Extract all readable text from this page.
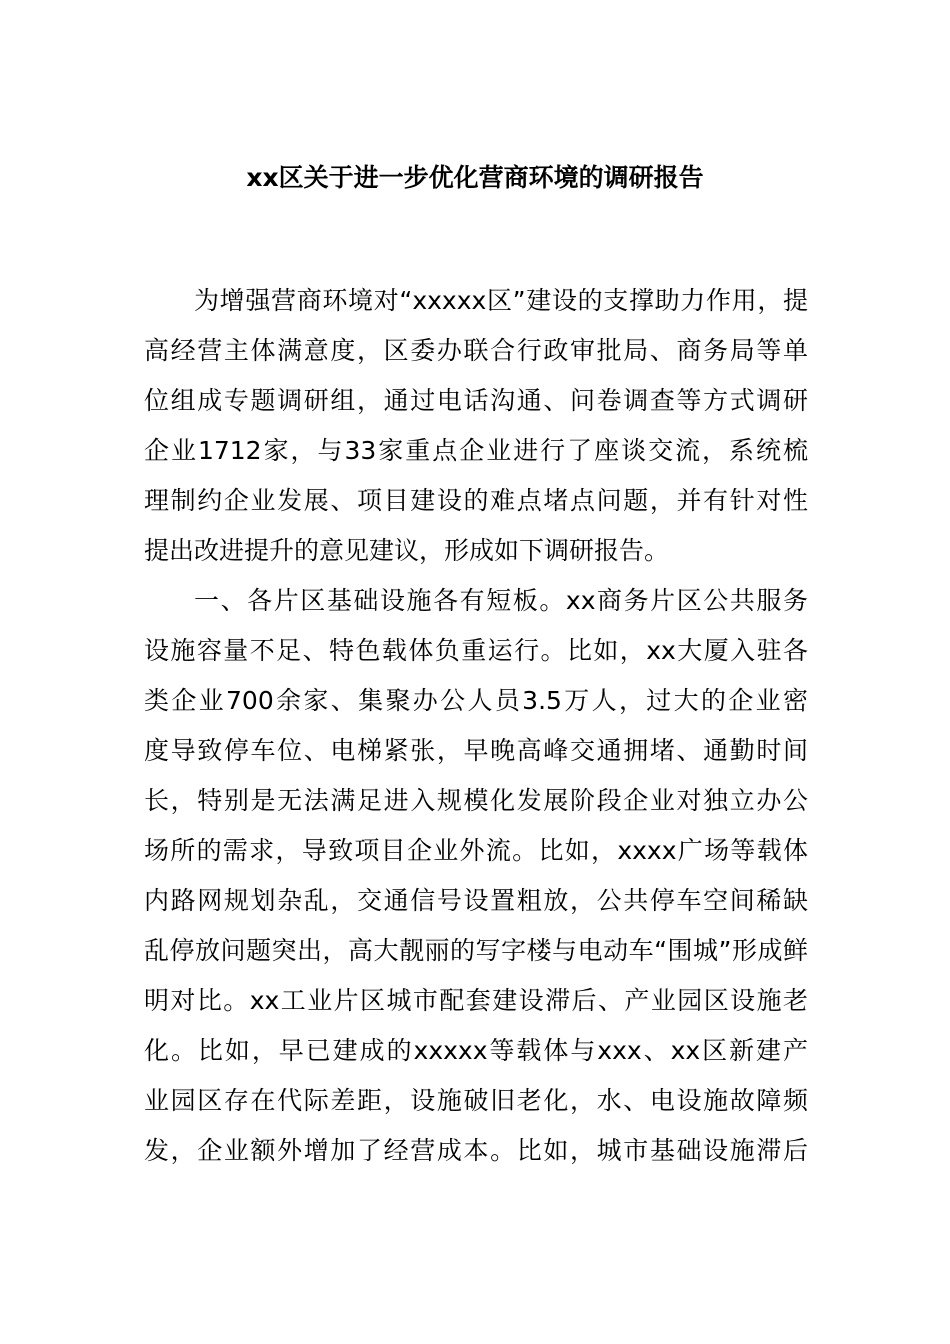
xx区关于进一步优化营商环境的调研报告
为增强营商环境对“xxxxx区”建设的支撑助力作用，提
高经营主体满意度，区委办联合行政审批局、商务局等单
位组成专题调研组，通过电话沟通、问卷调查等方式调研
企业1712家，与33家重点企业进行了座谈交流，系统梳
理制约企业发展、项目建设的难点堵点问题，并有针对性
提出改进提升的意见建议，形成如下调研报告。
一、各片区基础设施各有短板。xx商务片区公共服务
设施容量不足、特色载体负重运行。比如，xx大厦入驻各
类企业700余家、集聚办公人员3.5万人，过大的企业密
度导致停车位、电梯紧张，早晚高峰交通拥堵、通勤时间
长，特别是无法满足进入规模化发展阶段企业对独立办公
场所的需求，导致项目企业外流。比如，xxxx广场等载体
内路网规划杂乱，交通信号设置粗放，公共停车空间稀缺
乱停放问题突出，高大靓丽的写字楼与电动车“围城”形成鲜
明对比。xx工业片区城市配套建设滞后、产业园区设施老
化。比如，早已建成的xxxxx等载体与xxx、xx区新建产
业园区存在代际差距，设施破旧老化，水、电设施故障频
发，企业额外增加了经营成本。比如，城市基础设施滞后
